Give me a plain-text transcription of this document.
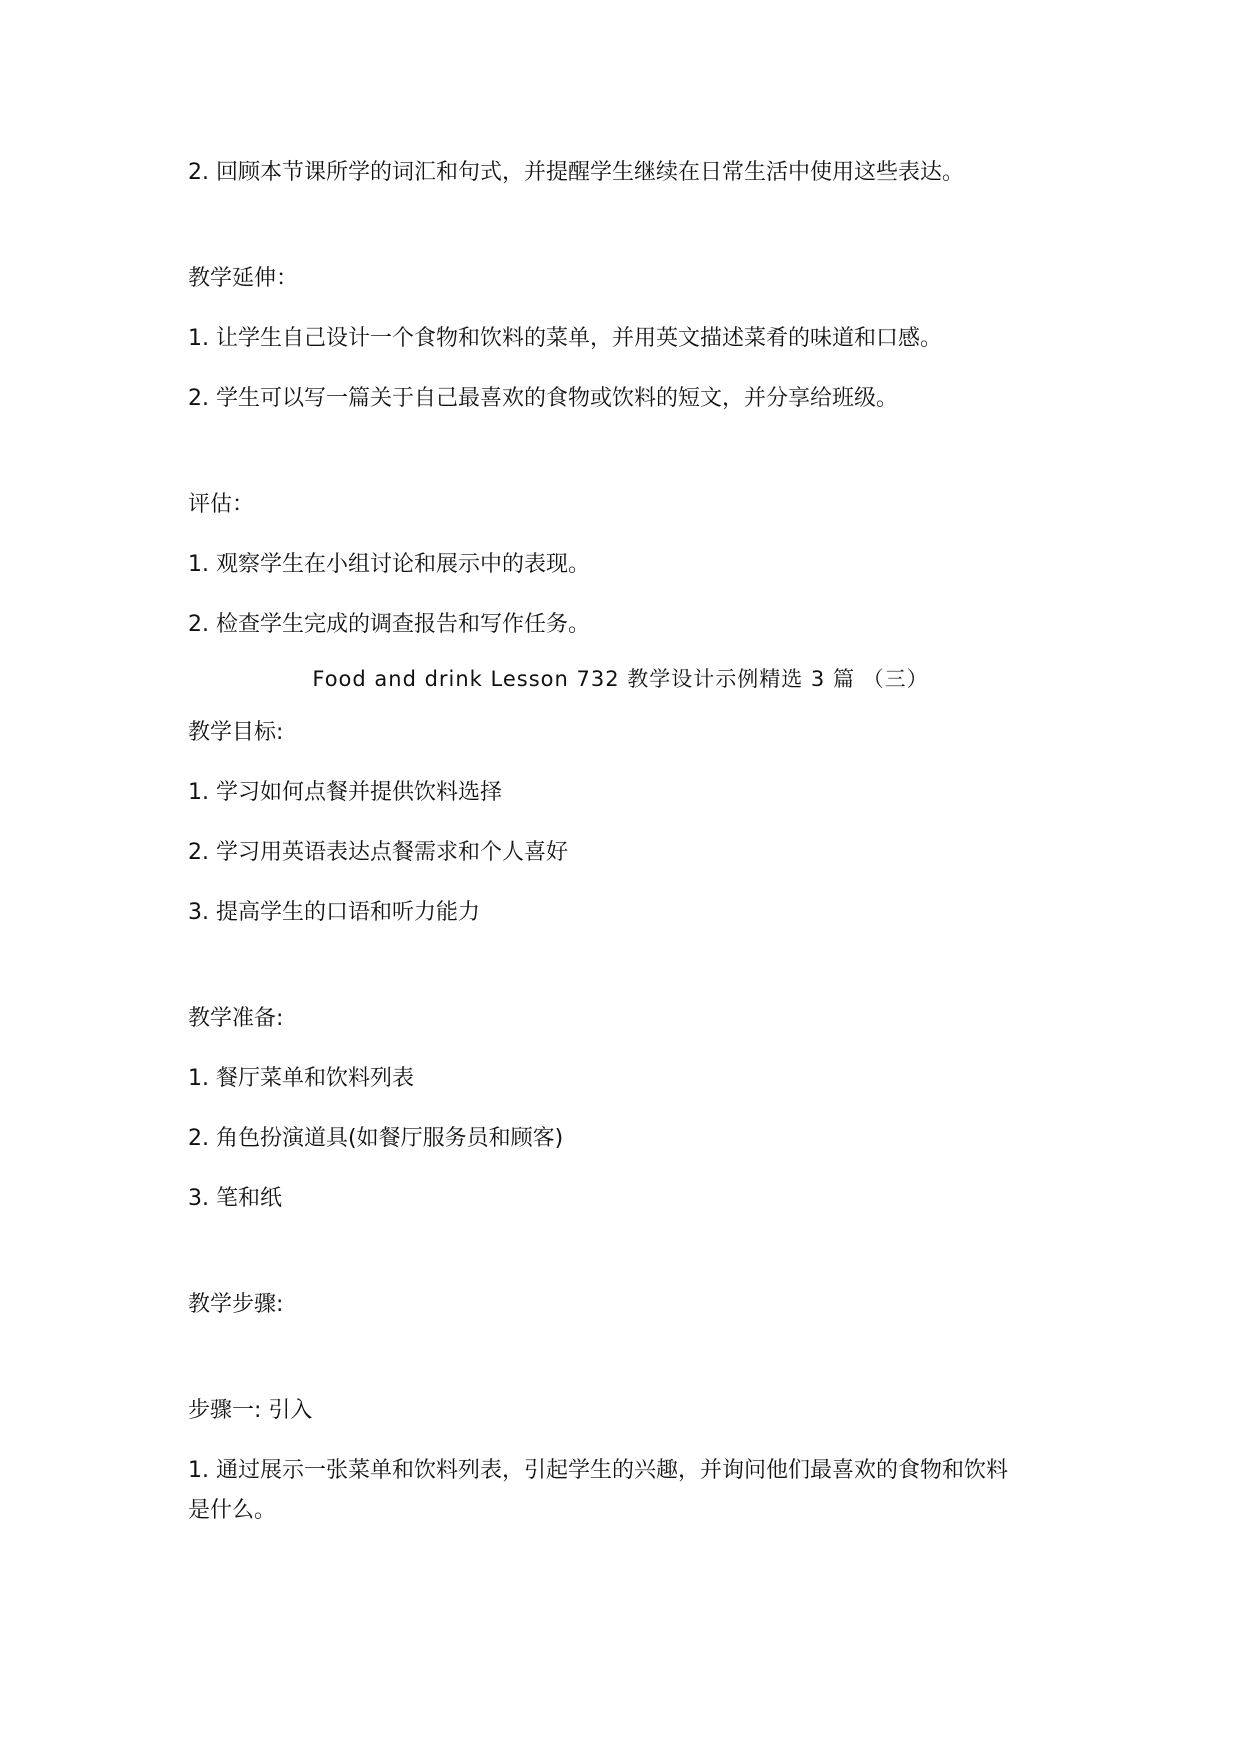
2. 回顾本节课所学的词汇和句式，并提醒学生继续在日常生活中使用这些表达。

教学延伸：

1. 让学生自己设计一个食物和饮料的菜单，并用英文描述菜肴的味道和口感。

2. 学生可以写一篇关于自己最喜欢的食物或饮料的短文，并分享给班级。

评估：

1. 观察学生在小组讨论和展示中的表现。

2. 检查学生完成的调查报告和写作任务。

Food and drink Lesson 732 教学设计示例精选 3 篇 （三）
教学目标:

1. 学习如何点餐并提供饮料选择

2. 学习用英语表达点餐需求和个人喜好

3. 提高学生的口语和听力能力

教学准备:

1. 餐厅菜单和饮料列表

2. 角色扮演道具(如餐厅服务员和顾客)

3. 笔和纸

教学步骤:
步骤一: 引入

1. 通过展示一张菜单和饮料列表，引起学生的兴趣，并询问他们最喜欢的食物和饮料

是什么。
